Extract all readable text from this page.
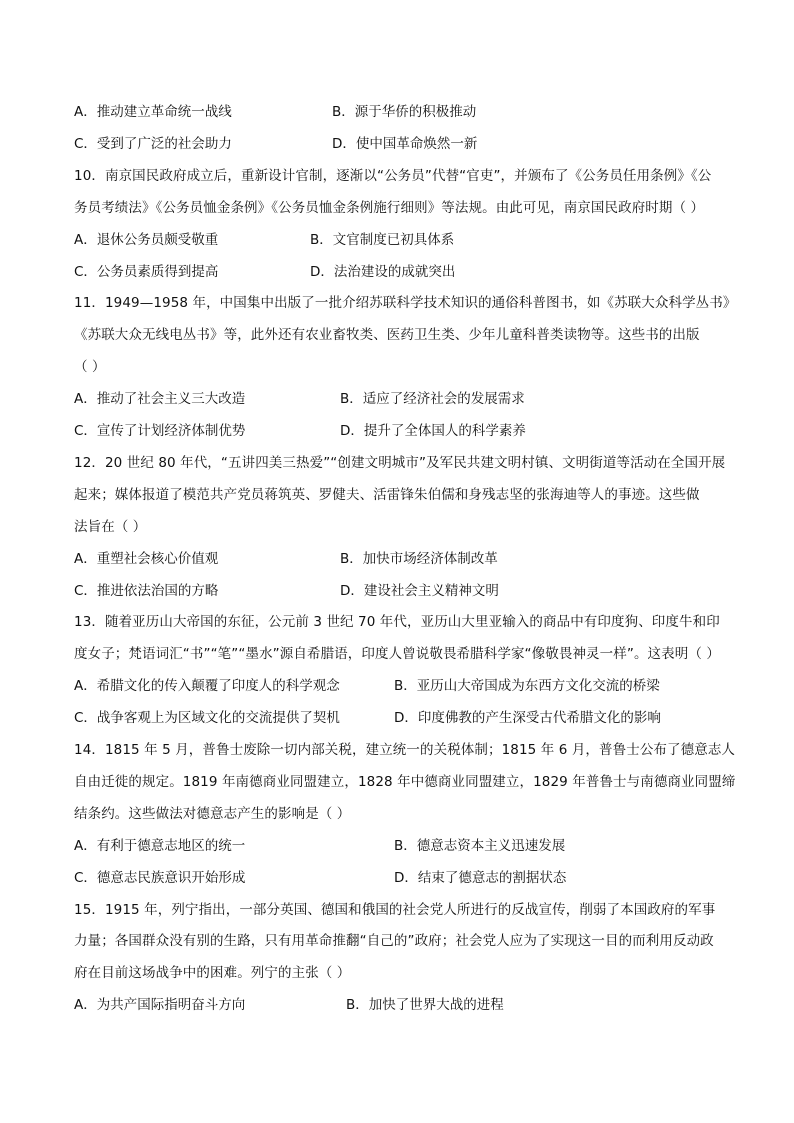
A．推动建立革命统一战线	B．源于华侨的积极推动
C．受到了广泛的社会助力	D．使中国革命焕然一新
10．南京国民政府成立后，重新设计官制，逐渐以“公务员”代替“官吏”，并颁布了《公务员任用条例》《公
务员考绩法》《公务员恤金条例》《公务员恤金条例施行细则》等法规。由此可见，南京国民政府时期（ ）
A．退休公务员颇受敬重	B．文官制度已初具体系
C．公务员素质得到提高	D．法治建设的成就突出
11．1949—1958 年，中国集中出版了一批介绍苏联科学技术知识的通俗科普图书，如《苏联大众科学丛书》
《苏联大众无线电丛书》等，此外还有农业畜牧类、医药卫生类、少年儿童科普类读物等。这些书的出版
（ ）
A．推动了社会主义三大改造	B．适应了经济社会的发展需求
C．宣传了计划经济体制优势	D．提升了全体国人的科学素养
12．20 世纪 80 年代，“五讲四美三热爱”“创建文明城市”及军民共建文明村镇、文明街道等活动在全国开展
起来；媒体报道了模范共产党员蒋筑英、罗健夫、活雷锋朱伯儒和身残志坚的张海迪等人的事迹。这些做
法旨在（ ）
A．重塑社会核心价值观	B．加快市场经济体制改革
C．推进依法治国的方略	D．建设社会主义精神文明
13．随着亚历山大帝国的东征，公元前 3 世纪 70 年代，亚历山大里亚输入的商品中有印度狗、印度牛和印
度女子；梵语词汇“书”“笔”“墨水”源自希腊语，印度人曾说敬畏希腊科学家“像敬畏神灵一样”。这表明（ ）
A．希腊文化的传入颠覆了印度人的科学观念	B．亚历山大帝国成为东西方文化交流的桥梁
C．战争客观上为区域文化的交流提供了契机	D．印度佛教的产生深受古代希腊文化的影响
14．1815 年 5 月，普鲁士废除一切内部关税，建立统一的关税体制；1815 年 6 月，普鲁士公布了德意志人
自由迁徙的规定。1819 年南德商业同盟建立，1828 年中德商业同盟建立，1829 年普鲁士与南德商业同盟缔
结条约。这些做法对德意志产生的影响是（ ）
A．有利于德意志地区的统一	B．德意志资本主义迅速发展
C．德意志民族意识开始形成	D．结束了德意志的割据状态
15．1915 年，列宁指出，一部分英国、德国和俄国的社会党人所进行的反战宣传，削弱了本国政府的军事
力量；各国群众没有别的生路，只有用革命推翻“自己的”政府；社会党人应为了实现这一目的而利用反动政
府在目前这场战争中的困难。列宁的主张（ ）
A．为共产国际指明奋斗方向	B．加快了世界大战的进程
